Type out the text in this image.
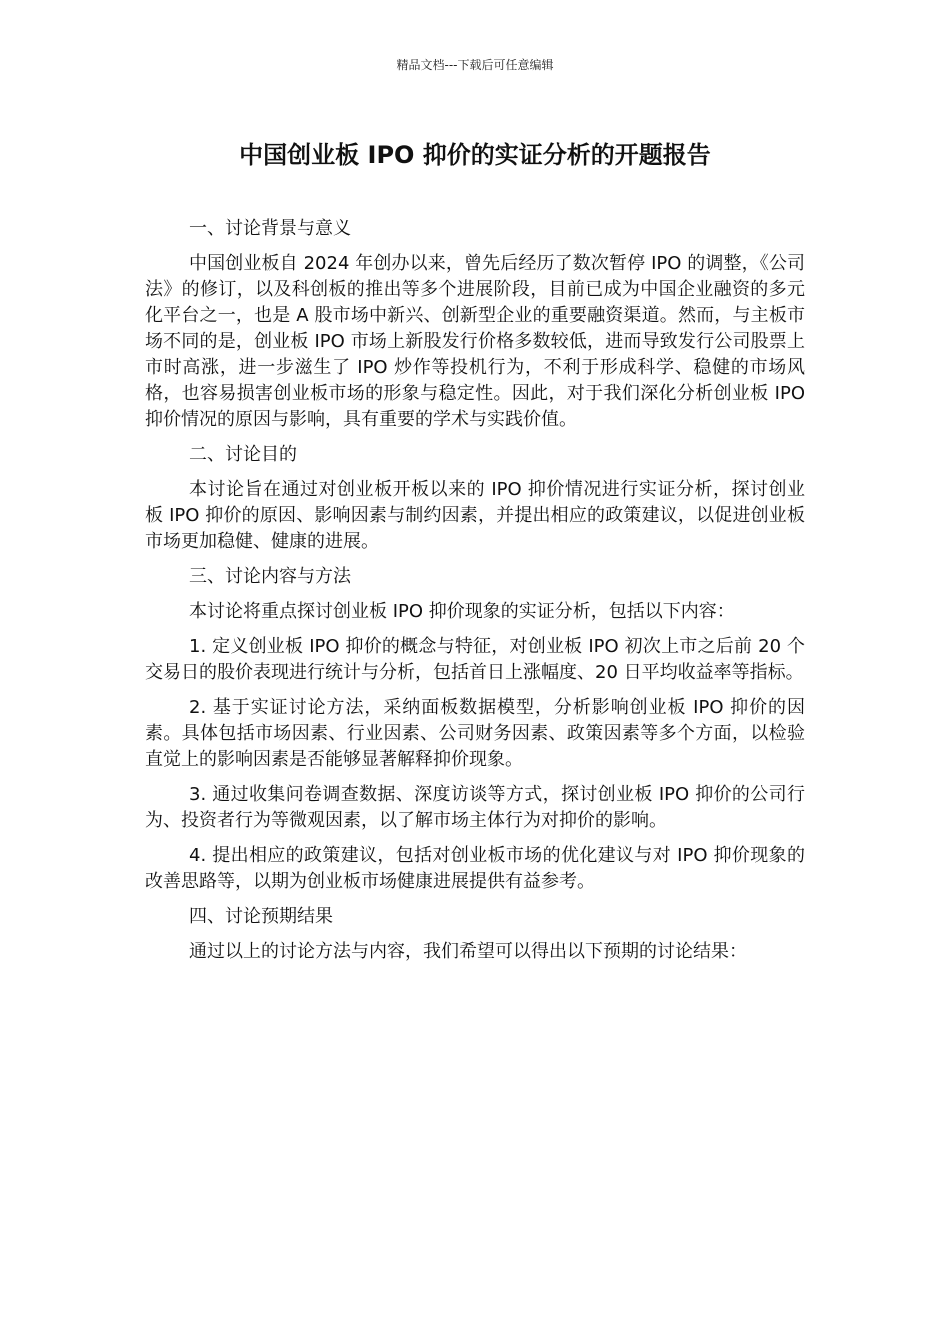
精品文档---下载后可任意编辑
中国创业板 IPO 抑价的实证分析的开题报告
一、讨论背景与意义

中国创业板自 2024 年创办以来，曾先后经历了数次暂停 IPO 的调整，《公司法》的修订，以及科创板的推出等多个进展阶段，目前已成为中国企业融资的多元化平台之一，也是 A 股市场中新兴、创新型企业的重要融资渠道。然而，与主板市场不同的是，创业板 IPO 市场上新股发行价格多数较低，进而导致发行公司股票上市时高涨，进一步滋生了 IPO 炒作等投机行为，不利于形成科学、稳健的市场风格，也容易损害创业板市场的形象与稳定性。因此，对于我们深化分析创业板 IPO 抑价情况的原因与影响，具有重要的学术与实践价值。

二、讨论目的

本讨论旨在通过对创业板开板以来的 IPO 抑价情况进行实证分析，探讨创业板 IPO 抑价的原因、影响因素与制约因素，并提出相应的政策建议，以促进创业板市场更加稳健、健康的进展。

三、讨论内容与方法

本讨论将重点探讨创业板 IPO 抑价现象的实证分析，包括以下内容：

1. 定义创业板 IPO 抑价的概念与特征，对创业板 IPO 初次上市之后前 20 个交易日的股价表现进行统计与分析，包括首日上涨幅度、20 日平均收益率等指标。

2. 基于实证讨论方法，采纳面板数据模型，分析影响创业板 IPO 抑价的因素。具体包括市场因素、行业因素、公司财务因素、政策因素等多个方面，以检验直觉上的影响因素是否能够显著解释抑价现象。

3. 通过收集问卷调查数据、深度访谈等方式，探讨创业板 IPO 抑价的公司行为、投资者行为等微观因素，以了解市场主体行为对抑价的影响。

4. 提出相应的政策建议，包括对创业板市场的优化建议与对 IPO 抑价现象的改善思路等，以期为创业板市场健康进展提供有益参考。

四、讨论预期结果

通过以上的讨论方法与内容，我们希望可以得出以下预期的讨论结果：
